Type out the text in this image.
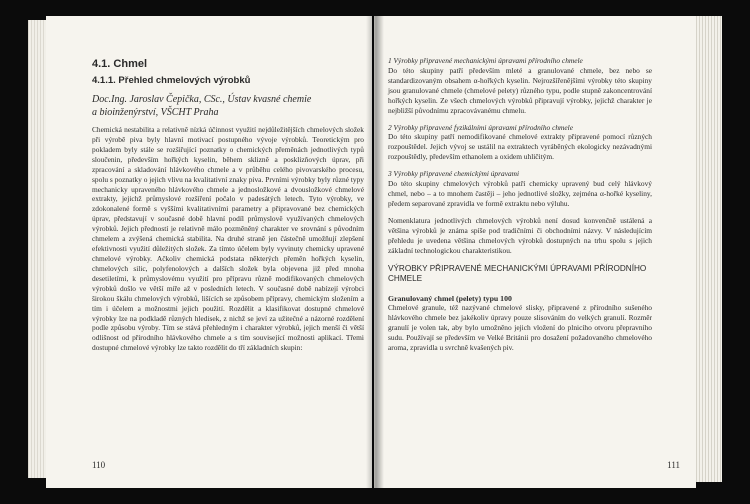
4.1. Chmel
4.1.1. Přehled chmelových výrobků
Doc.Ing. Jaroslav Čepička, CSc., Ústav kvasné chemie
a bioinženýrství, VŠCHT Praha

Chemická nestabilita a relativně nízká účinnost využití nejdůležitějších chmelových složek při výrobě piva byly hlavní motivací postupného vývoje výrobků. Teoretickým pro pokladem byly stále se rozšiřující poznatky o chemických přeměnách jednotlivých typů sloučenin, především hořkých kyselin, během sklizně a posklizňových úprav, při zpracování a skladování hlávkového chmele a v průběhu celého pivovarského procesu, spolu s poznatky o jejich vlivu na kvalitativní znaky piva. Prvními výrobky byly různé typy mechanicky upraveného hlávkového chmele a jednosložkové a dvousložkové chmelové extrakty, jejichž průmyslové rozšíření počalo v padesátých letech. Tyto výrobky, ve zdokonalené formě s vyššími kvalitativními parametry a připravované bez chemických úprav, představují v současné době hlavní podíl průmyslově využívaných chmelových výrobků. Jejich předností je relativně málo pozměněný charakter ve srovnání s původním chmelem a zvýšená chemická stabilita. Na druhé straně jen částečně umožňují zlepšení efektivnosti využití důležitých složek. Za tímto účelem byly vyvinuty chemicky upravené chmelové výrobky. Ačkoliv chemická podstata některých přeměn hořkých kyselin, chmelových silic, polyfenolových a dalších složek byla objevena již před mnoha desetiletími, k průmyslovému využití pro přípravu různě modifikovaných chmelových výrobků došlo ve větší míře až v posledních letech. V současné době nabízejí výrobci širokou škálu chmelových výrobků, lišících se způsobem přípravy, chemickým složením a tím i účelem a možnostmi jejich použití. Rozdělit a klasifikovat dostupné chmelové výrobky lze na podkladě různých hledisek, z nichž se jeví za užitečné a názorné rozdělení podle způsobu výroby. Tím se stává přehledným i charakter výrobků, jejich menší či větší odlišnost od přírodního hlávkového chmele a s tím související možnosti aplikací. Třemi dostupné chmelové výrobky lze takto rozdělit do tří základních skupin:

110

1 Výrobky připravené mechanickými úpravami přírodního chmele

Do této skupiny patří především mleté a granulované chmele, bez nebo se standardizovaným obsahem α-hořkých kyselin. Nejrozšířenějšími výrobky této skupiny jsou granulované chmele (chmelové pelety) různého typu, podle stupně zakoncentrování hořkých kyselin. Ze všech chmelových výrobků připravují výrobky, jejichž charakter je nejbližší původnímu zpracovávanému chmelu.

2 Výrobky připravené fyzikálními úpravami přírodního chmele

Do této skupiny patří nemodifikované chmelové extrakty připravené pomocí různých rozpouštědel. Jejich vývoj se ustálil na extraktech vyráběných ekologicky nezávadnými rozpouštědly, především ethanolem a oxidem uhličitým.

3 Výrobky připravené chemickými úpravami

Do této skupiny chmelových výrobků patří chemicky upravený bud celý hlávkový chmel, nebo – a to mnohem častěji – jeho jednotlivé složky, zejména α-hořké kyseliny, předem separované zpravidla ve formě extraktu nebo výluhu.

Nomenklatura jednotlivých chmelových výrobků není dosud konvenčně ustálená a většina výrobků je známa spíše pod tradičními či obchodními názvy. V následujícím přehledu je uvedena většina chmelových výrobků dostupných na trhu spolu s jejich základní technologickou charakteristikou.

VÝROBKY PŘIPRAVENÉ MECHANICKÝMI ÚPRAVAMI PŘÍRODNÍHO CHMELE

Granulovaný chmel (pelety) typu 100

Chmelové granule, též nazývané chmelové slisky, připravené z přírodního sušeného hlávkového chmele bez jakékoliv úpravy pouze slisováním do velkých granulí. Rozměr granulí je volen tak, aby bylo umožněno jejich vložení do plnicího otvoru přepravního sudu. Používají se především ve Velké Británii pro dosažení požadovaného chmelového aroma, zpravidla u svrchně kvašených piv.

111
